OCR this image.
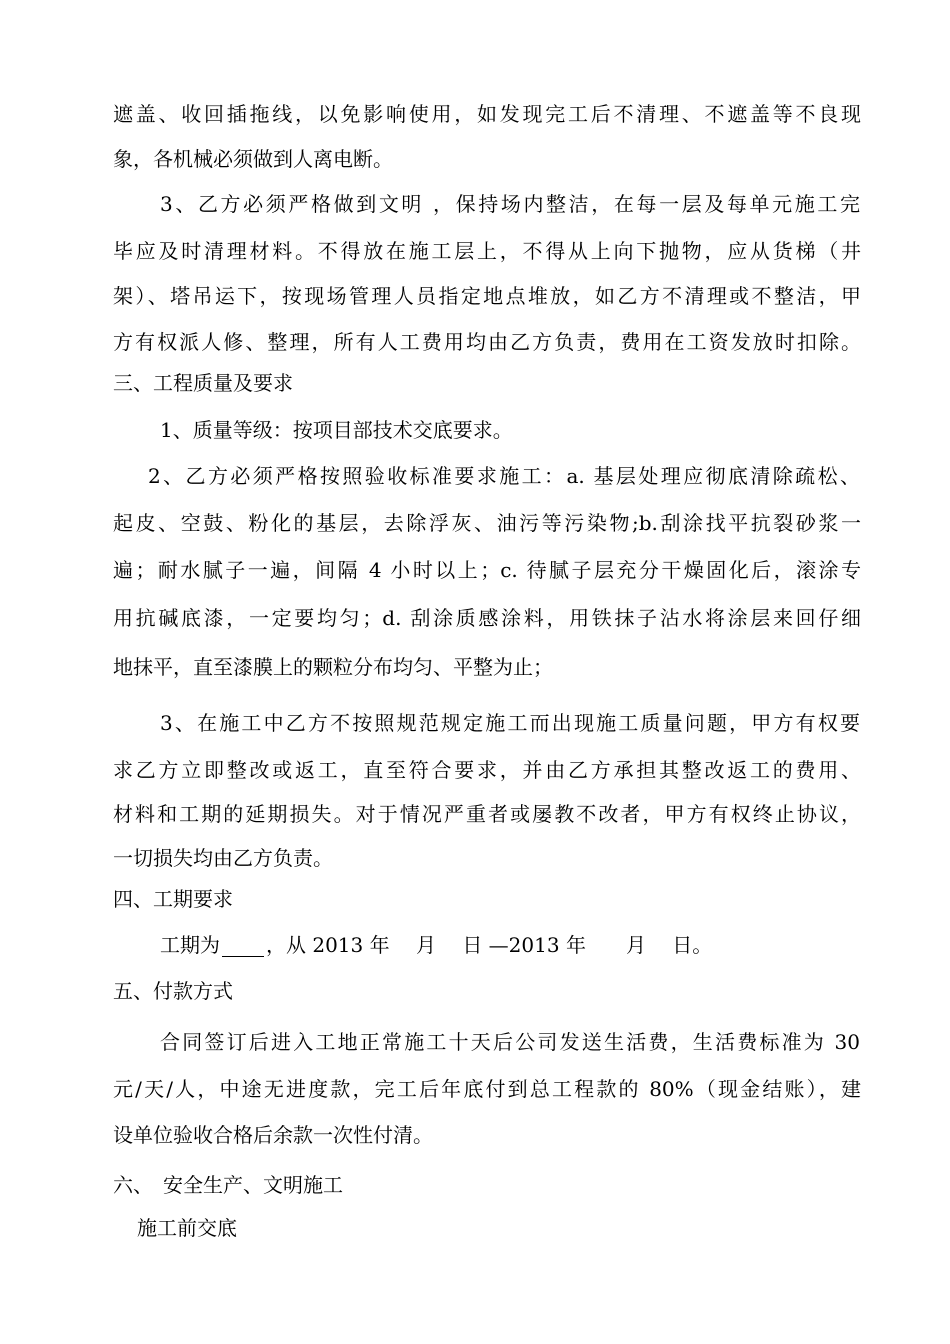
遮盖、收回插拖线，以免影响使用，如发现完工后不清理、不遮盖等不良现
象，各机械必须做到人离电断。
3、乙方必须严格做到文明 ，保持场内整洁，在每一层及每单元施工完
毕应及时清理材料。不得放在施工层上，不得从上向下抛物，应从货梯（井
架）、塔吊运下，按现场管理人员指定地点堆放，如乙方不清理或不整洁，甲
方有权派人修、整理，所有人工费用均由乙方负责，费用在工资发放时扣除。
三、工程质量及要求
1、质量等级：按项目部技术交底要求。
2、乙方必须严格按照验收标准要求施工：a. 基层处理应彻底清除疏松、
起皮、空鼓、粉化的基层，去除浮灰、油污等污染物;b.刮涂找平抗裂砂浆一
遍；耐水腻子一遍，间隔 4 小时以上；c. 待腻子层充分干燥固化后，滚涂专
用抗碱底漆，一定要均匀；d. 刮涂质感涂料，用铁抹子沾水将涂层来回仔细
地抹平，直至漆膜上的颗粒分布均匀、平整为止；
3、在施工中乙方不按照规范规定施工而出现施工质量问题，甲方有权要
求乙方立即整改或返工，直至符合要求，并由乙方承担其整改返工的费用、
材料和工期的延期损失。对于情况严重者或屡教不改者，甲方有权终止协议，
一切损失均由乙方负责。
四、工期要求
工期为 ，从 2013 年　 月　 日 —2013 年　　月　 日。
五、付款方式
合同签订后进入工地正常施工十天后公司发送生活费，生活费标准为 30
元/天/人，中途无进度款，完工后年底付到总工程款的 80%（现金结账），建
设单位验收合格后余款一次性付清。
六、　安全生产、文明施工
施工前交底
